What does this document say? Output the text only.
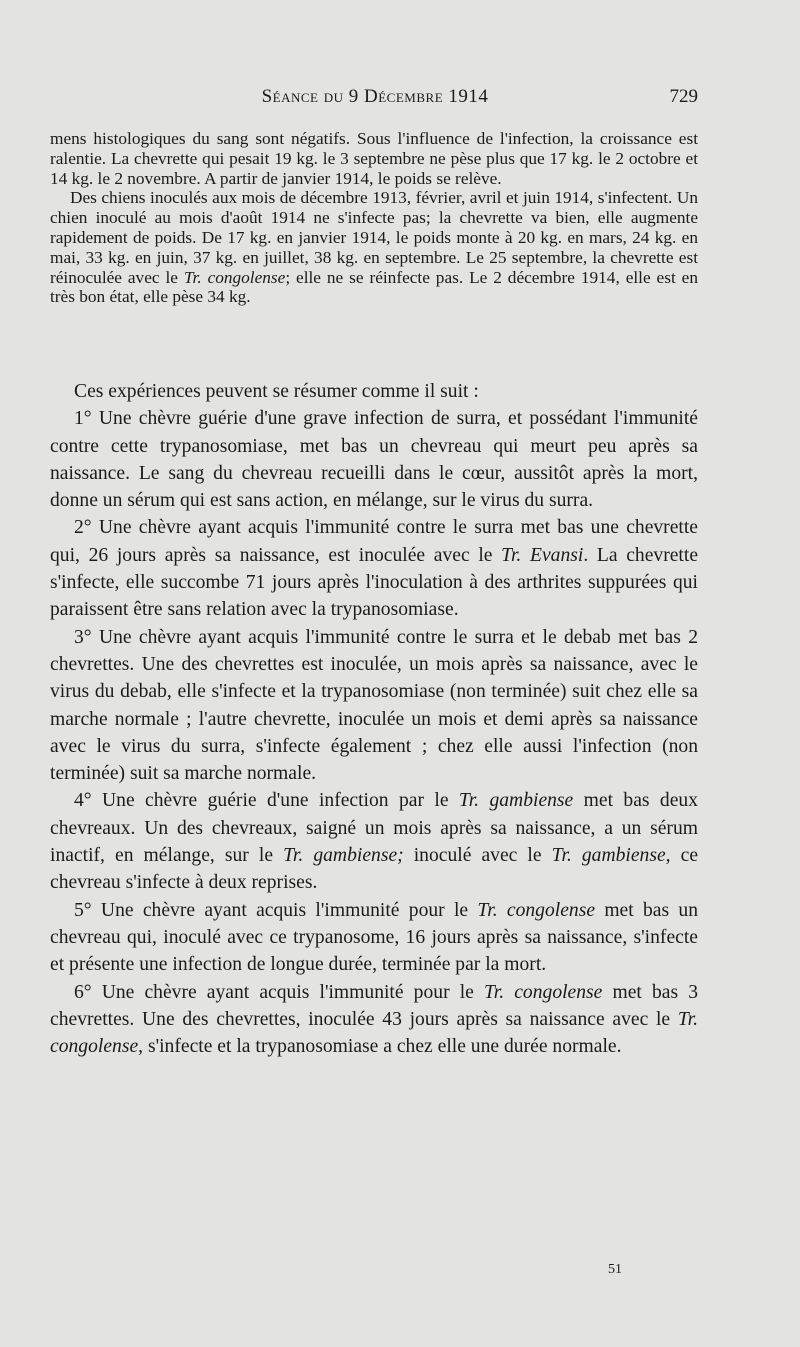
Séance du 9 Décembre 1914	729

mens histologiques du sang sont négatifs. Sous l'influence de l'infection, la croissance est ralentie. La chevrette qui pesait 19 kg. le 3 septembre ne pèse plus que 17 kg. le 2 octobre et 14 kg. le 2 novembre. A partir de janvier 1914, le poids se relève.

Des chiens inoculés aux mois de décembre 1913, février, avril et juin 1914, s'infectent. Un chien inoculé au mois d'août 1914 ne s'infecte pas; la chevrette va bien, elle augmente rapidement de poids. De 17 kg. en janvier 1914, le poids monte à 20 kg. en mars, 24 kg. en mai, 33 kg. en juin, 37 kg. en juillet, 38 kg. en septembre. Le 25 septembre, la chevrette est réinoculée avec le Tr. congolense; elle ne se réinfecte pas. Le 2 décembre 1914, elle est en très bon état, elle pèse 34 kg.

Ces expériences peuvent se résumer comme il suit :

1° Une chèvre guérie d'une grave infection de surra, et possédant l'immunité contre cette trypanosomiase, met bas un chevreau qui meurt peu après sa naissance. Le sang du chevreau recueilli dans le cœur, aussitôt après la mort, donne un sérum qui est sans action, en mélange, sur le virus du surra.

2° Une chèvre ayant acquis l'immunité contre le surra met bas une chevrette qui, 26 jours après sa naissance, est inoculée avec le Tr. Evansi. La chevrette s'infecte, elle succombe 71 jours après l'inoculation à des arthrites suppurées qui paraissent être sans relation avec la trypanosomiase.

3° Une chèvre ayant acquis l'immunité contre le surra et le debab met bas 2 chevrettes. Une des chevrettes est inoculée, un mois après sa naissance, avec le virus du debab, elle s'infecte et la trypanosomiase (non terminée) suit chez elle sa marche normale ; l'autre chevrette, inoculée un mois et demi après sa naissance avec le virus du surra, s'infecte également ; chez elle aussi l'infection (non terminée) suit sa marche normale.

4° Une chèvre guérie d'une infection par le Tr. gambiense met bas deux chevreaux. Un des chevreaux, saigné un mois après sa naissance, a un sérum inactif, en mélange, sur le Tr. gambiense; inoculé avec le Tr. gambiense, ce chevreau s'infecte à deux reprises.

5° Une chèvre ayant acquis l'immunité pour le Tr. congolense met bas un chevreau qui, inoculé avec ce trypanosome, 16 jours après sa naissance, s'infecte et présente une infection de longue durée, terminée par la mort.

6° Une chèvre ayant acquis l'immunité pour le Tr. congolense met bas 3 chevrettes. Une des chevrettes, inoculée 43 jours après sa naissance avec le Tr. congolense, s'infecte et la trypanosomiase a chez elle une durée normale.

51
